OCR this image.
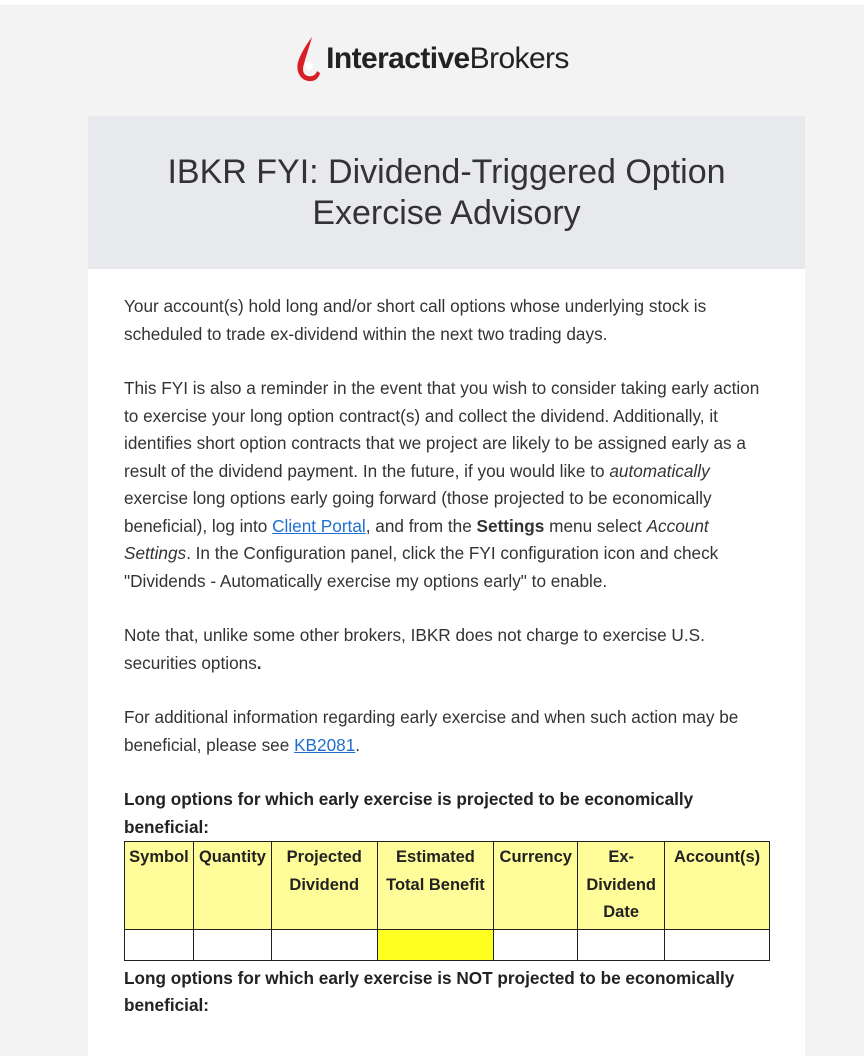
InteractiveBrokers
IBKR FYI: Dividend-Triggered Option Exercise Advisory

Your account(s) hold long and/or short call options whose underlying stock is scheduled to trade ex-dividend within the next two trading days.

This FYI is also a reminder in the event that you wish to consider taking early action to exercise your long option contract(s) and collect the dividend. Additionally, it identifies short option contracts that we project are likely to be assigned early as a result of the dividend payment. In the future, if you would like to automatically exercise long options early going forward (those projected to be economically beneficial), log into Client Portal, and from the Settings menu select Account Settings. In the Configuration panel, click the FYI configuration icon and check "Dividends - Automatically exercise my options early" to enable.

Note that, unlike some other brokers, IBKR does not charge to exercise U.S. securities options.

For additional information regarding early exercise and when such action may be beneficial, please see KB2081.

Long options for which early exercise is projected to be economically beneficial:
Symbol	Quantity	Projected Dividend	Estimated Total Benefit	Currency	Ex-Dividend Date	Account(s)

Long options for which early exercise is NOT projected to be economically beneficial:
